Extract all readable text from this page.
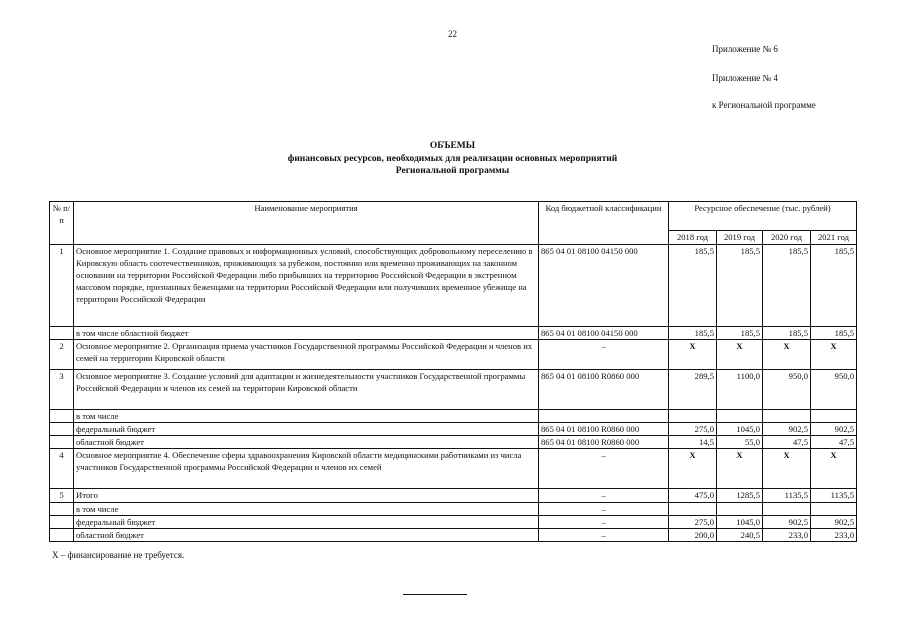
22
Приложение № 6
Приложение № 4
к Региональной программе
ОБЪЕМЫ
финансовых ресурсов, необходимых для реализации основных мероприятий
Региональной программы
№ п/п	Наименование мероприятия	Код бюджетной классификации	Ресурсное обеспечение (тыс. рублей)			
			2018 год	2019 год	2020 год	2021 год
1	Основное мероприятие 1. Создание правовых и информационных условий, способствующих добровольному переселению в Кировскую область соотечественников, проживающих за рубежом, постоянно или временно проживающих на законном основании на территории Российской Федерации либо прибывших на территорию Российской Федерации в экстренном массовом порядке, признанных беженцами на территории Российской Федерации или получивших временное убежище на территории Российской Федерации	865 04 01 08100 04150 000	185,5	185,5	185,5	185,5
	в том числе областной бюджет	865 04 01 08100 04150 000	185,5	185,5	185,5	185,5
2	Основное мероприятие 2. Организация приема участников Государственной программы Российской Федерации и членов их семей на территории Кировской области	–	Х	Х	Х	Х
3	Основное мероприятие 3. Создание условий для адаптации и жизнедеятельности участников Государственной программы Российской Федерации и членов их семей на территории Кировской области	865 04 01 08100 R0860 000	289,5	1100,0	950,0	950,0
	в том числе					
	федеральный бюджет	865 04 01 08100 R0860 000	275,0	1045,0	902,5	902,5
	областной бюджет	865 04 01 08100 R0860 000	14,5	55,0	47,5	47,5
4	Основное мероприятие 4. Обеспечение сферы здравоохранения Кировской области медицинскими работниками из числа участников Государственной программы Российской Федерации и членов их семей	–	Х	Х	Х	Х
5	Итого	–	475,0	1285,5	1135,5	1135,5
	в том числе	–				
	федеральный бюджет	–	275,0	1045,0	902,5	902,5
	областной бюджет	–	200,0	240,5	233,0	233,0
Х – финансирование не требуется.
